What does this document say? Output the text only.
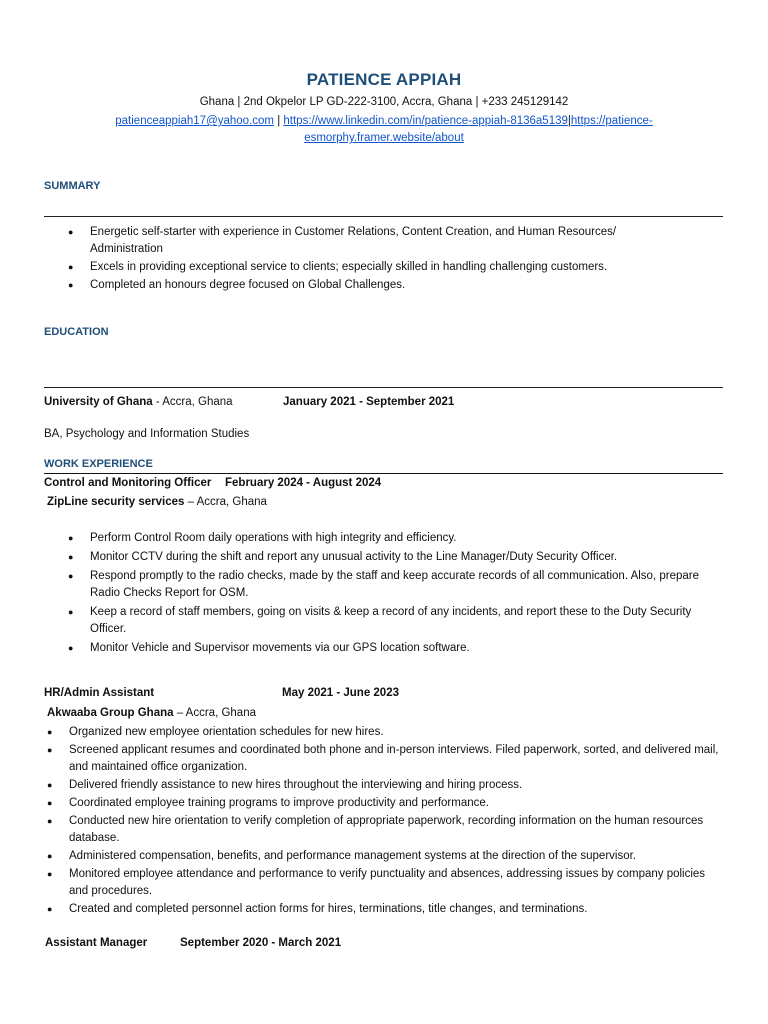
PATIENCE APPIAH
Ghana | 2nd Okpelor LP GD-222-3100, Accra, Ghana | +233 245129142
patienceappiah17@yahoo.com | https://www.linkedin.com/in/patience-appiah-8136a5139|https://patience-esmorphy.framer.website/about
SUMMARY
● Energetic self-starter with experience in Customer Relations, Content Creation, and Human Resources/ Administration
● Excels in providing exceptional service to clients; especially skilled in handling challenging customers.
● Completed an honours degree focused on Global Challenges.
EDUCATION
University of Ghana - Accra, Ghana	January 2021 - September 2021
BA, Psychology and Information Studies
WORK EXPERIENCE
Control and Monitoring Officer February 2024 - August 2024
ZipLine security services – Accra, Ghana
● Perform Control Room daily operations with high integrity and efficiency.
● Monitor CCTV during the shift and report any unusual activity to the Line Manager/Duty Security Officer.
● Respond promptly to the radio checks, made by the staff and keep accurate records of all communication. Also, prepare Radio Checks Report for OSM.
● Keep a record of staff members, going on visits & keep a record of any incidents, and report these to the Duty Security Officer.
● Monitor Vehicle and Supervisor movements via our GPS location software.
HR/Admin Assistant	May 2021 - June 2023
Akwaaba Group Ghana – Accra, Ghana
● Organized new employee orientation schedules for new hires.
● Screened applicant resumes and coordinated both phone and in-person interviews. Filed paperwork, sorted, and delivered mail, and maintained office organization.
● Delivered friendly assistance to new hires throughout the interviewing and hiring process.
● Coordinated employee training programs to improve productivity and performance.
● Conducted new hire orientation to verify completion of appropriate paperwork, recording information on the human resources database.
● Administered compensation, benefits, and performance management systems at the direction of the supervisor.
● Monitored employee attendance and performance to verify punctuality and absences, addressing issues by company policies and procedures.
● Created and completed personnel action forms for hires, terminations, title changes, and terminations.
Assistant Manager	September 2020 - March 2021
